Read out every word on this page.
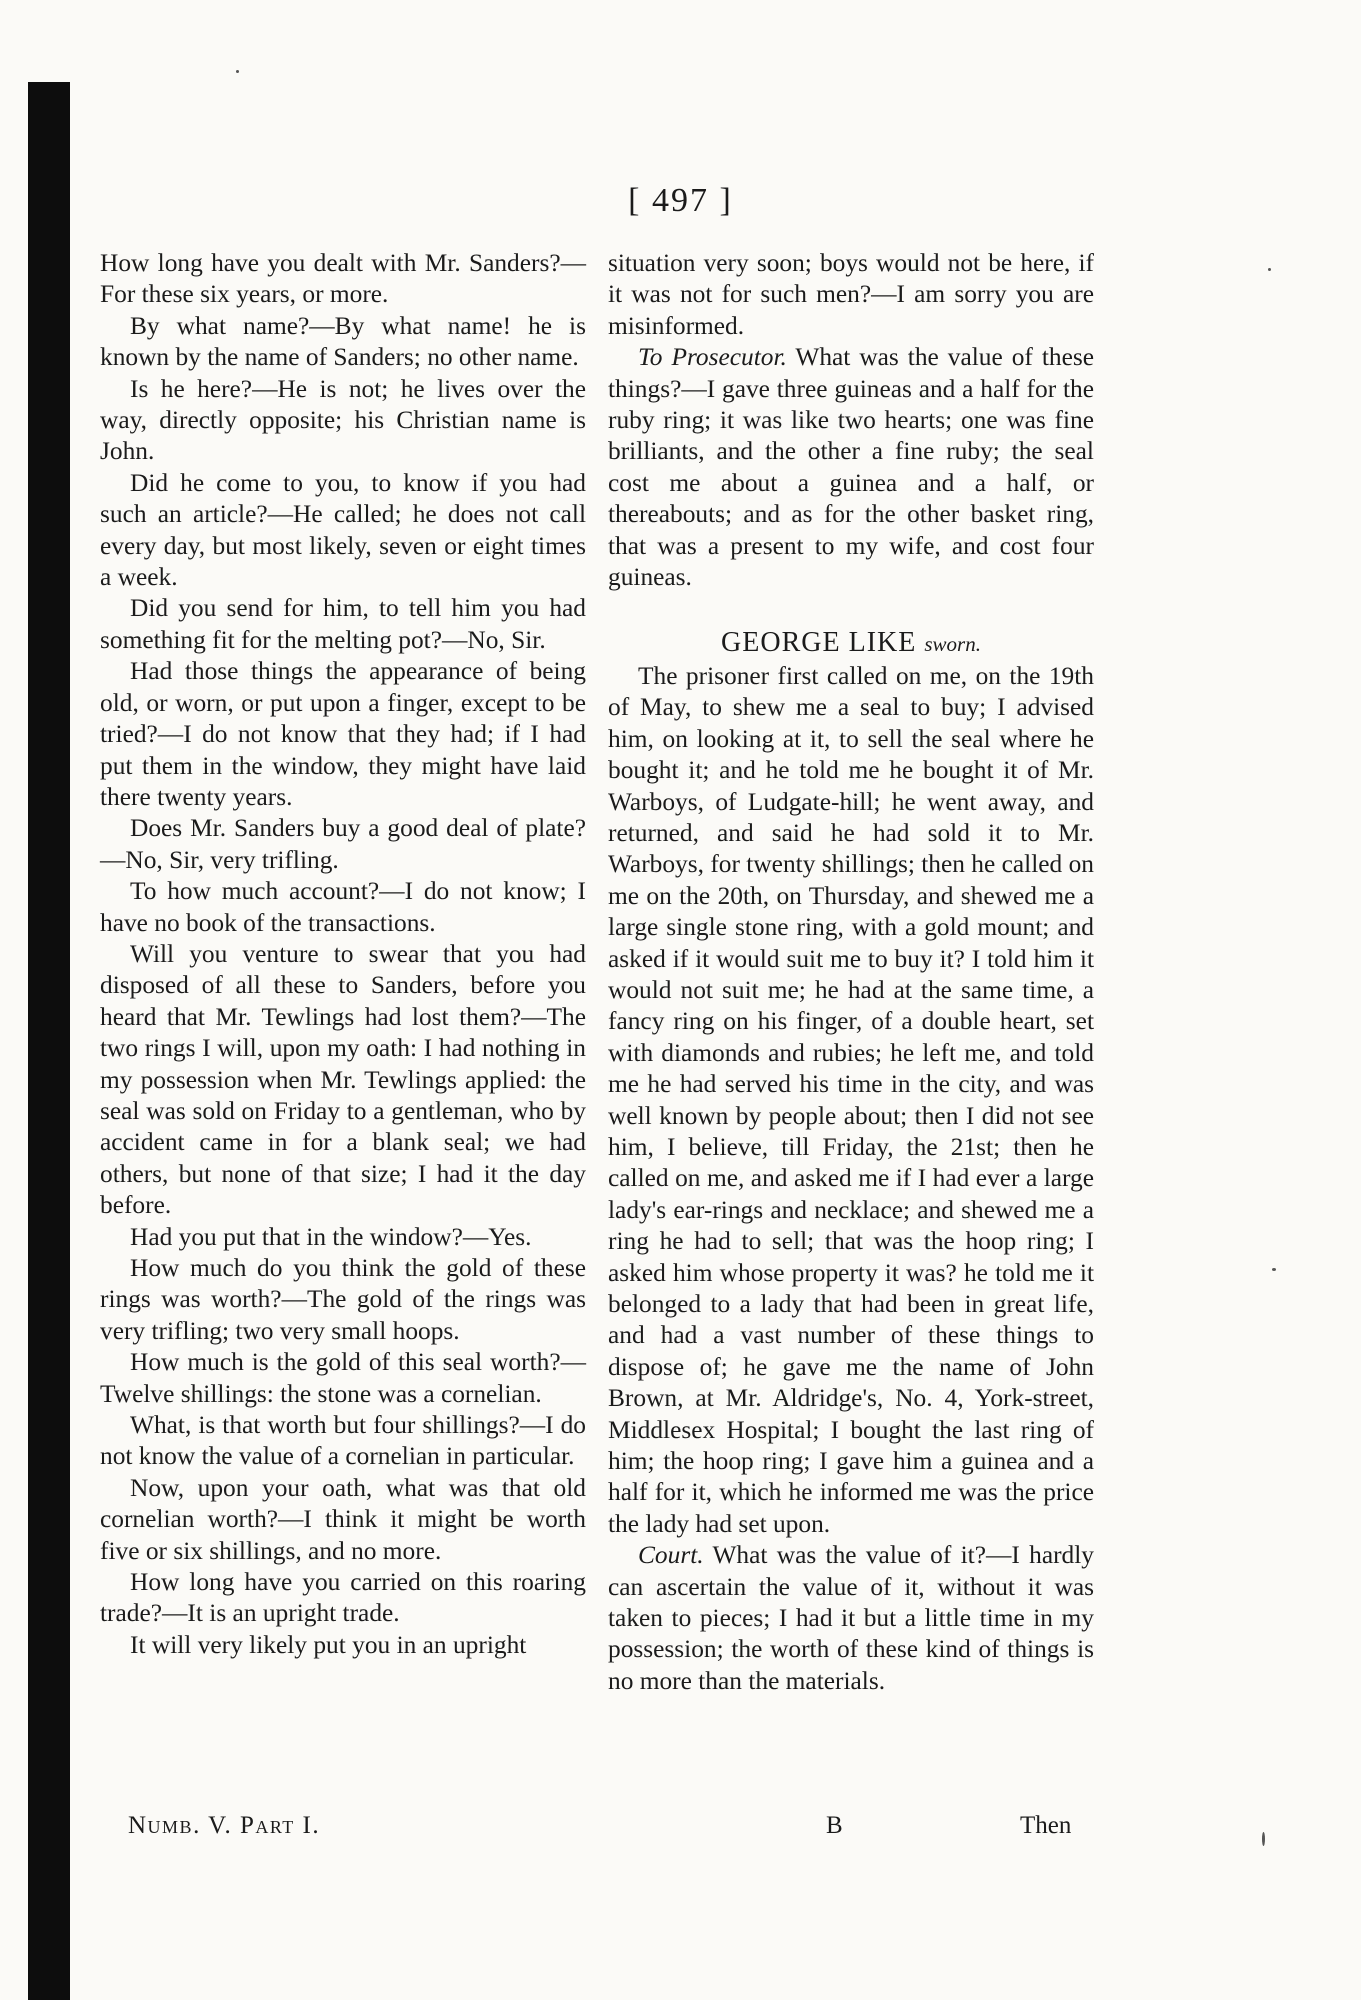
[ 497 ]

How long have you dealt with Mr. Sanders?—For these six years, or more.

By what name?—By what name! he is known by the name of Sanders; no other name.

Is he here?—He is not; he lives over the way, directly opposite; his Christian name is John.

Did he come to you, to know if you had such an article?—He called; he does not call every day, but most likely, seven or eight times a week.

Did you send for him, to tell him you had something fit for the melting pot?—No, Sir.

Had those things the appearance of being old, or worn, or put upon a finger, except to be tried?—I do not know that they had; if I had put them in the window, they might have laid there twenty years.

Does Mr. Sanders buy a good deal of plate?—No, Sir, very trifling.

To how much account?—I do not know; I have no book of the transactions.

Will you venture to swear that you had disposed of all these to Sanders, before you heard that Mr. Tewlings had lost them?—The two rings I will, upon my oath: I had nothing in my possession when Mr. Tewlings applied: the seal was sold on Friday to a gentleman, who by accident came in for a blank seal; we had others, but none of that size; I had it the day before.

Had you put that in the window?—Yes.

How much do you think the gold of these rings was worth?—The gold of the rings was very trifling; two very small hoops.

How much is the gold of this seal worth?—Twelve shillings: the stone was a cornelian.

What, is that worth but four shillings?—I do not know the value of a cornelian in particular.

Now, upon your oath, what was that old cornelian worth?—I think it might be worth five or six shillings, and no more.

How long have you carried on this roaring trade?—It is an upright trade.

It will very likely put you in an upright

situation very soon; boys would not be here, if it was not for such men?—I am sorry you are misinformed.

To Prosecutor. What was the value of these things?—I gave three guineas and a half for the ruby ring; it was like two hearts; one was fine brilliants, and the other a fine ruby; the seal cost me about a guinea and a half, or thereabouts; and as for the other basket ring, that was a present to my wife, and cost four guineas.

GEORGE LIKE sworn.

The prisoner first called on me, on the 19th of May, to shew me a seal to buy; I advised him, on looking at it, to sell the seal where he bought it; and he told me he bought it of Mr. Warboys, of Ludgate-hill; he went away, and returned, and said he had sold it to Mr. Warboys, for twenty shillings; then he called on me on the 20th, on Thursday, and shewed me a large single stone ring, with a gold mount; and asked if it would suit me to buy it? I told him it would not suit me; he had at the same time, a fancy ring on his finger, of a double heart, set with diamonds and rubies; he left me, and told me he had served his time in the city, and was well known by people about; then I did not see him, I believe, till Friday, the 21st; then he called on me, and asked me if I had ever a large lady's ear-rings and necklace; and shewed me a ring he had to sell; that was the hoop ring; I asked him whose property it was? he told me it belonged to a lady that had been in great life, and had a vast number of these things to dispose of; he gave me the name of John Brown, at Mr. Aldridge's, No. 4, York-street, Middlesex Hospital; I bought the last ring of him; the hoop ring; I gave him a guinea and a half for it, which he informed me was the price the lady had set upon.

Court. What was the value of it?—I hardly can ascertain the value of it, without it was taken to pieces; I had it but a little time in my possession; the worth of these kind of things is no more than the materials.

Numb. V. Part I.	B	Then
